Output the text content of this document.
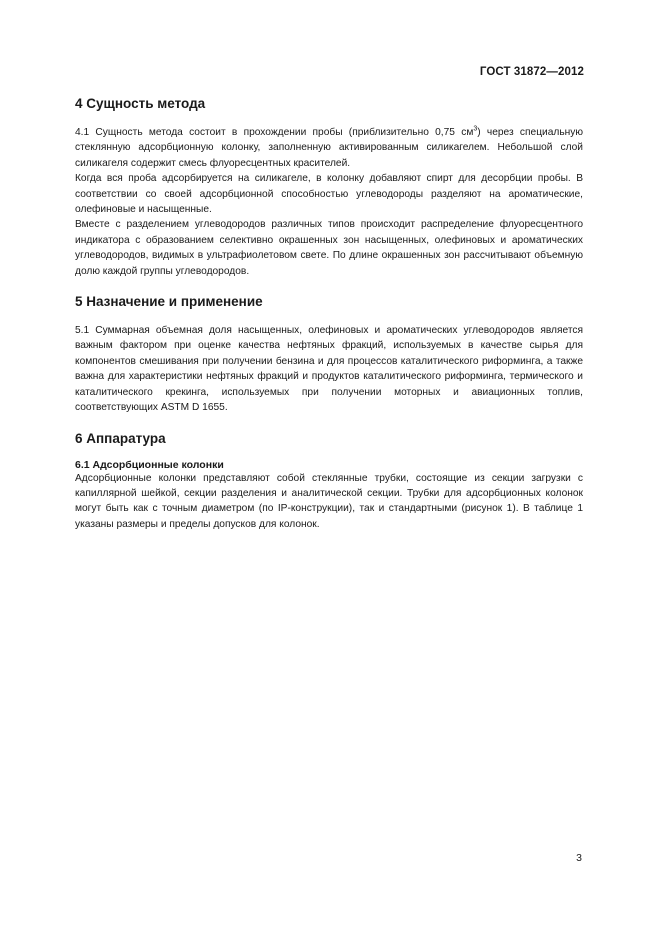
ГОСТ 31872—2012
4 Сущность метода

4.1 Сущность метода состоит в прохождении пробы (приблизительно 0,75 $см^3$) через специальную стеклянную адсорбционную колонку, заполненную активированным силикагелем. Небольшой слой силикагеля содержит смесь флуоресцентных красителей.

Когда вся проба адсорбируется на силикагеле, в колонку добавляют спирт для десорбции пробы. В соответствии со своей адсорбционной способностью углеводороды разделяют на ароматические, олефиновые и насыщенные.

Вместе с разделением углеводородов различных типов происходит распределение флуоресцентного индикатора с образованием селективно окрашенных зон насыщенных, олефиновых и ароматических углеводородов, видимых в ультрафиолетовом свете. По длине окрашенных зон рассчитывают объемную долю каждой группы углеводородов.

5 Назначение и применение

5.1 Суммарная объемная доля насыщенных, олефиновых и ароматических углеводородов является важным фактором при оценке качества нефтяных фракций, используемых в качестве сырья для компонентов смешивания при получении бензина и для процессов каталитического риформинга, а также важна для характеристики нефтяных фракций и продуктов каталитического риформинга, термического и каталитического крекинга, используемых при получении моторных и авиационных топлив, соответствующих ASTM D 1655.

6 Аппаратура
6.1 Адсорбционные колонки

Адсорбционные колонки представляют собой стеклянные трубки, состоящие из секции загрузки с капиллярной шейкой, секции разделения и аналитической секции. Трубки для адсорбционных колонок могут быть как с точным диаметром (по IP-конструкции), так и стандартными (рисунок 1). В таблице 1 указаны размеры и пределы допусков для колонок.

3
